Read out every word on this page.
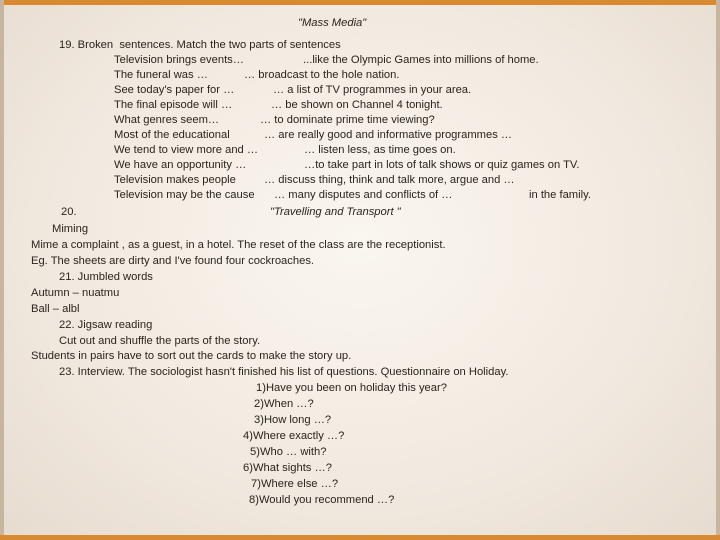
"Mass Media"
19. Broken  sentences. Match the two parts of sentences
Television brings events…	...like the Olympic Games into millions of home.
The funeral was …	… broadcast to the hole nation.
See today's paper for …	… a list of TV programmes in your area.
The final episode will …	… be shown on Channel 4 tonight.
What genres seem…	… to dominate prime time viewing?
Most of the educational	… are really good and informative programmes …
We tend to view more and …	… listen less, as time goes on.
We have an opportunity …	…to take part in lots of talk shows or quiz games on TV.
Television makes people	… discuss thing, think and talk more, argue and …
Television may be the cause … many disputes and conflicts of …	in the family.
20.	"Travelling and Transport "
Miming
Mime a complaint , as a guest, in a hotel. The reset of the class are the receptionist.
Eg. The sheets are dirty and I've found four cockroaches.
21. Jumbled words
Autumn – nuatmu
Ball – albl
22. Jigsaw reading
Cut out and shuffle the parts of the story.
Students in pairs have to sort out the cards to make the story up.
23. Interview. The sociologist hasn't finished his list of questions. Questionnaire on Holiday.
1)Have you been on holiday this year?
2)When …?
3)How long …?
4)Where exactly …?
5)Who … with?
6)What sights …?
7)Where else …?
8)Would you recommend …?
